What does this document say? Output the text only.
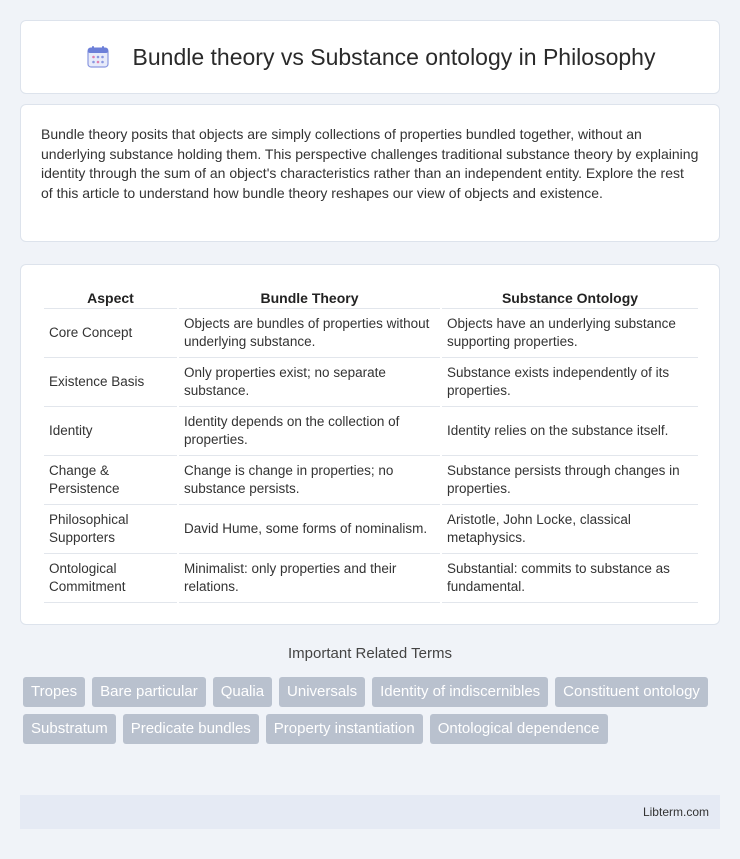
Bundle theory vs Substance ontology in Philosophy

Bundle theory posits that objects are simply collections of properties bundled together, without an underlying substance holding them. This perspective challenges traditional substance theory by explaining identity through the sum of an object's characteristics rather than an independent entity. Explore the rest of this article to understand how bundle theory reshapes our view of objects and existence.

Aspect	Bundle Theory	Substance Ontology
Core Concept	Objects are bundles of properties without underlying substance.	Objects have an underlying substance supporting properties.
Existence Basis	Only properties exist; no separate substance.	Substance exists independently of its properties.
Identity	Identity depends on the collection of properties.	Identity relies on the substance itself.
Change & Persistence	Change is change in properties; no substance persists.	Substance persists through changes in properties.
Philosophical Supporters	David Hume, some forms of nominalism.	Aristotle, John Locke, classical metaphysics.
Ontological Commitment	Minimalist: only properties and their relations.	Substantial: commits to substance as fundamental.
Important Related Terms
Tropes	Bare particular	Qualia	Universals	Identity of indiscernibles	Constituent ontology
Substratum	Predicate bundles	Property instantiation	Ontological dependence
Libterm.com
